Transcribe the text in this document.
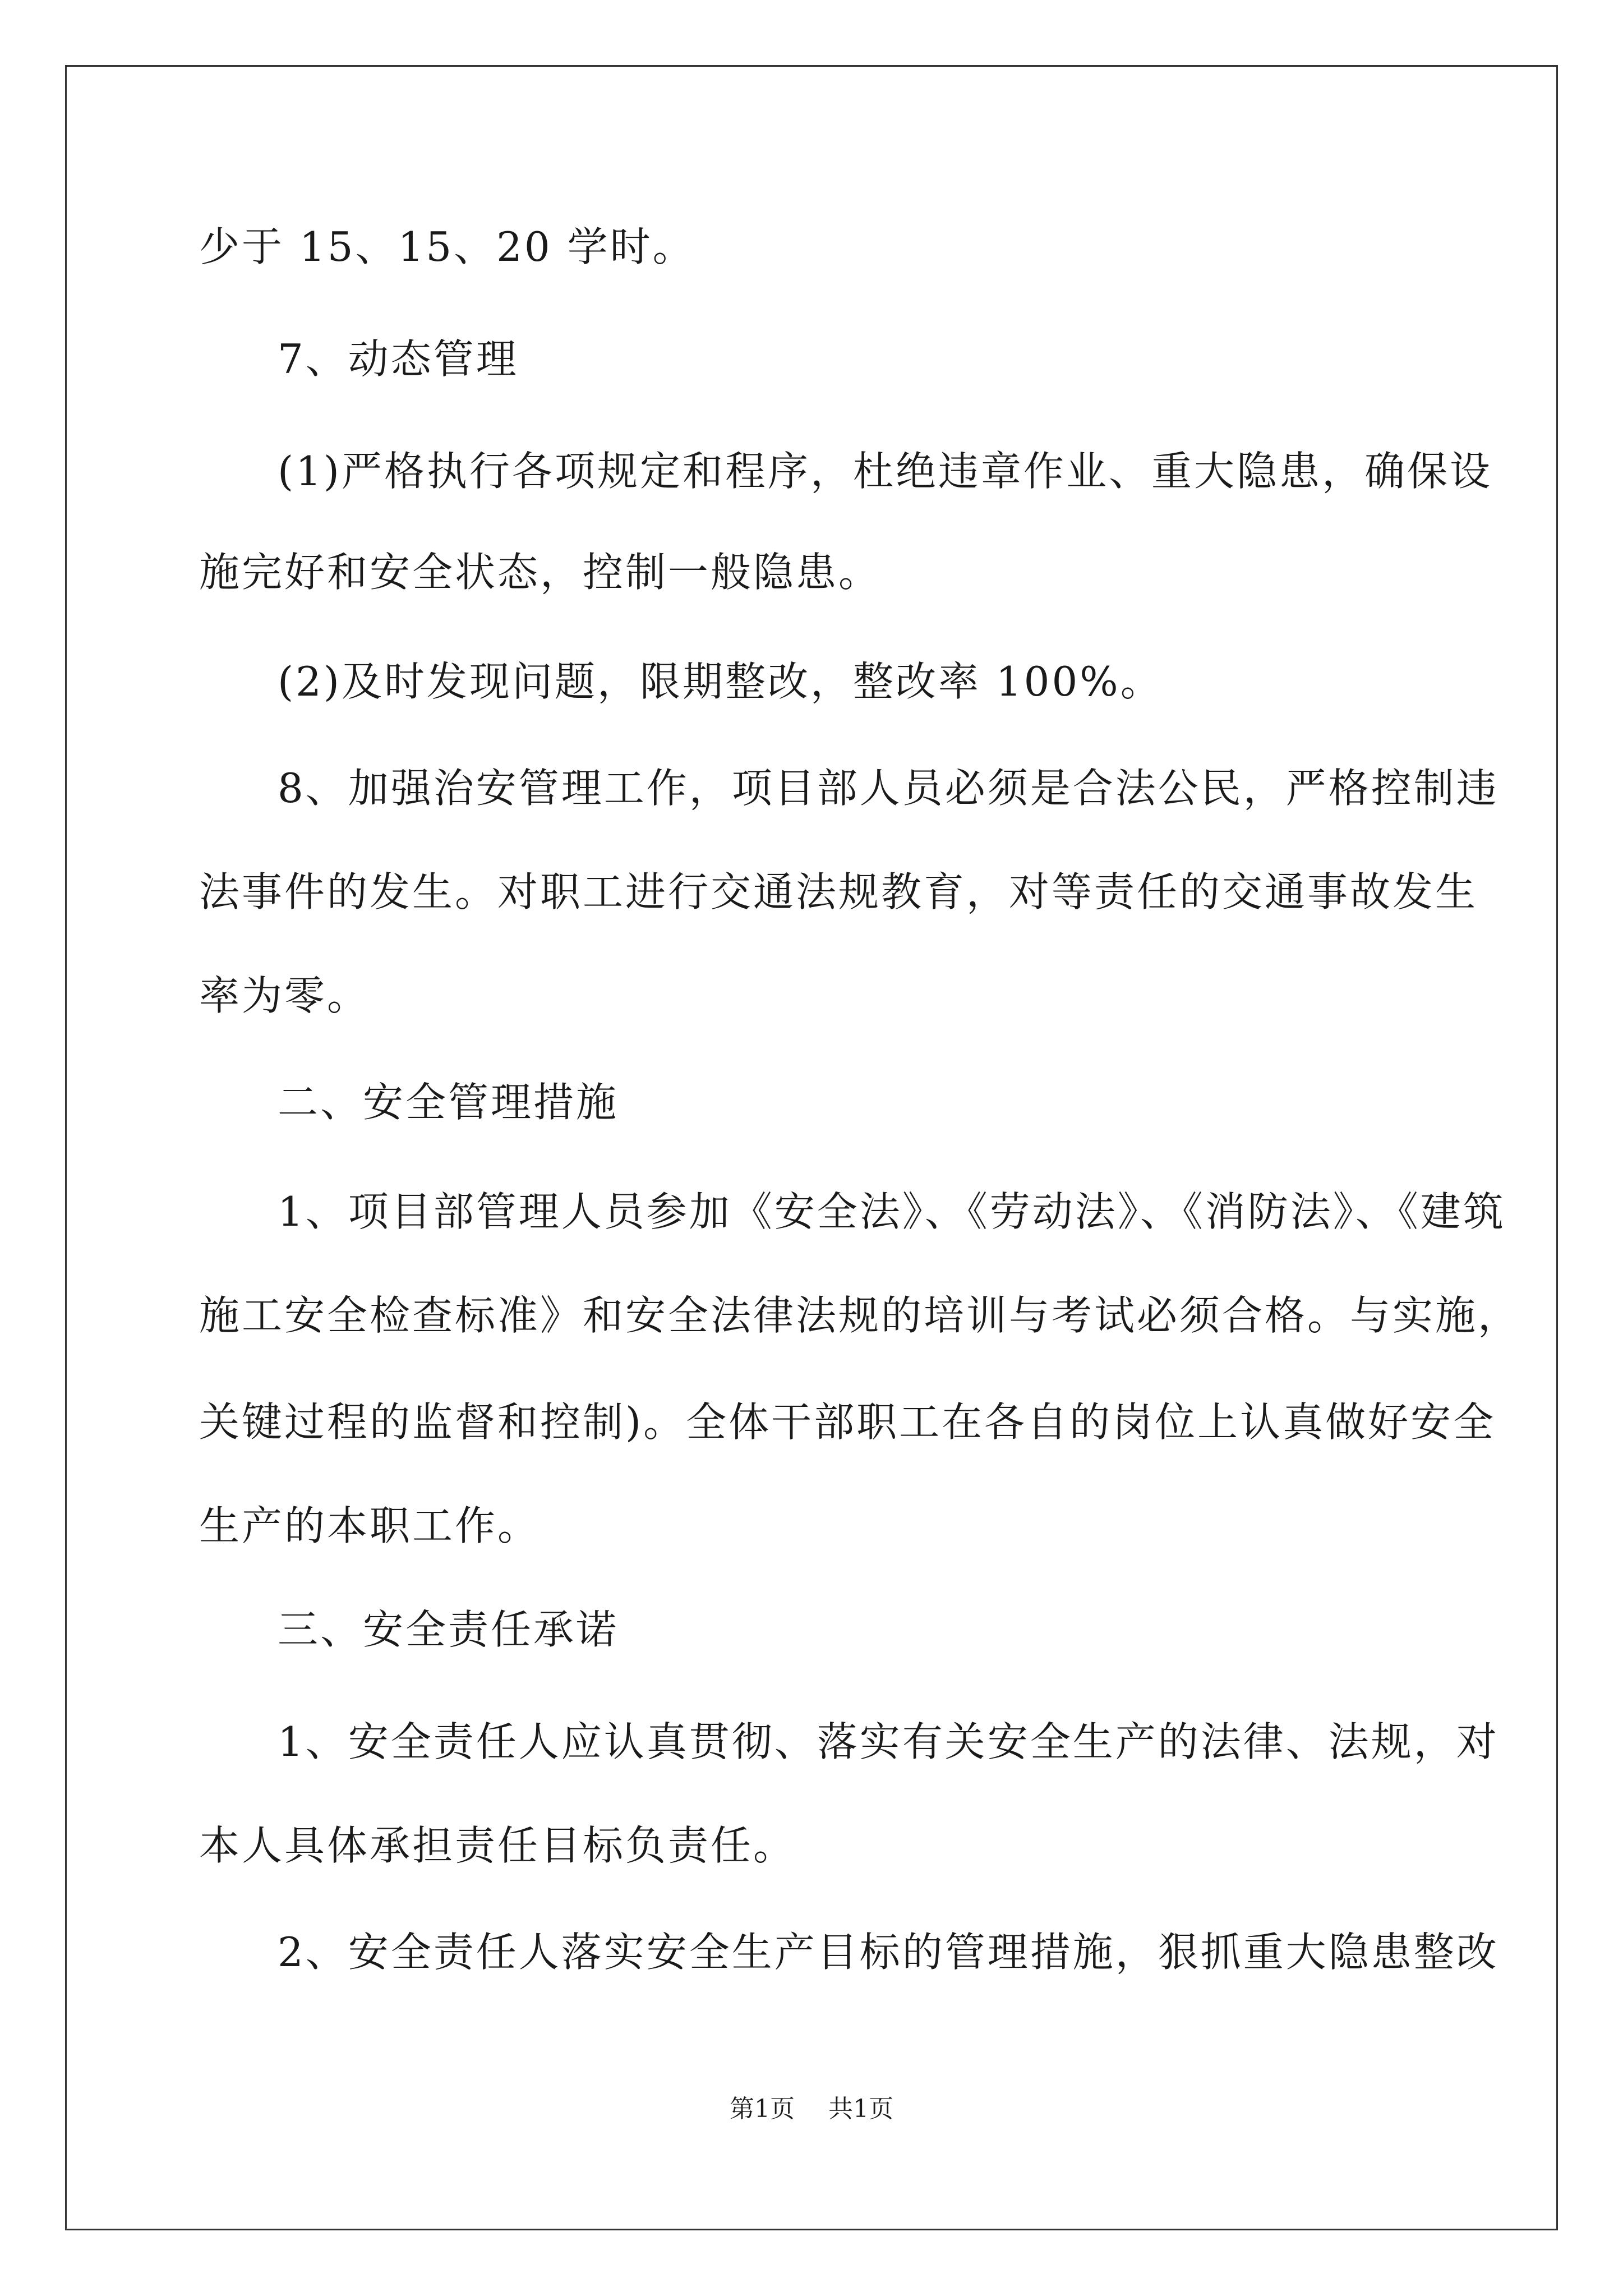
少于 15、15、20 学时。
7、动态管理
(1)严格执行各项规定和程序，杜绝违章作业、重大隐患，确保设
施完好和安全状态，控制一般隐患。
(2)及时发现问题，限期整改，整改率 100%。
8、加强治安管理工作，项目部人员必须是合法公民，严格控制违
法事件的发生。对职工进行交通法规教育，对等责任的交通事故发生
率为零。
二、安全管理措施
1、项目部管理人员参加《安全法》、《劳动法》、《消防法》、《建筑
施工安全检查标准》和安全法律法规的培训与考试必须合格。与实施，
关键过程的监督和控制)。全体干部职工在各自的岗位上认真做好安全
生产的本职工作。
三、安全责任承诺
1、安全责任人应认真贯彻、落实有关安全生产的法律、法规，对
本人具体承担责任目标负责任。
2、安全责任人落实安全生产目标的管理措施，狠抓重大隐患整改
第1页 共1页
